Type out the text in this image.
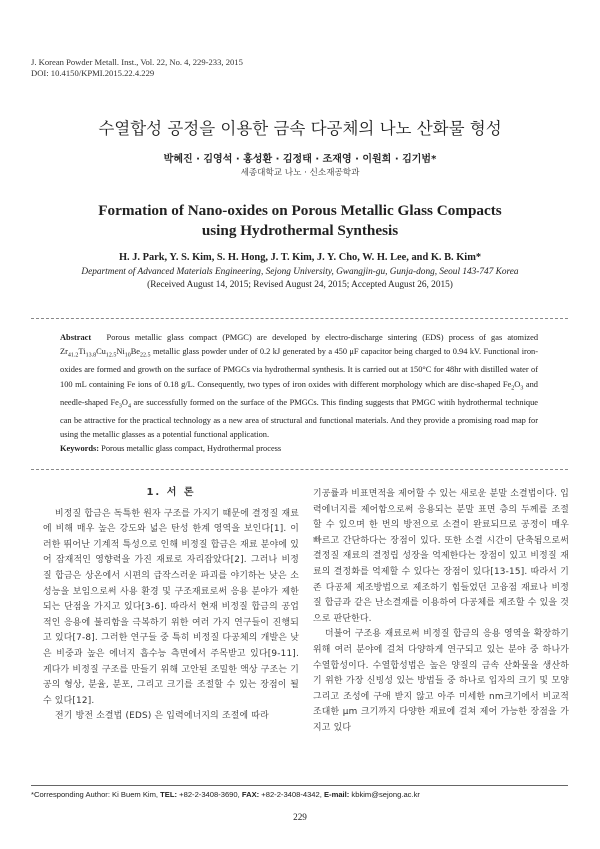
J. Korean Powder Metall. Inst., Vol. 22, No. 4, 229-233, 2015
DOI: 10.4150/KPMI.2015.22.4.229
수열합성 공정을 이용한 금속 다공체의 나노 산화물 형성
박혜진 · 김영석 · 홍성환 · 김정태 · 조재영 · 이원희 · 김기범*
세종대학교 나노 · 신소재공학과
Formation of Nano-oxides on Porous Metallic Glass Compacts
using Hydrothermal Synthesis
H. J. Park, Y. S. Kim, S. H. Hong, J. T. Kim, J. Y. Cho, W. H. Lee, and K. B. Kim*
Department of Advanced Materials Engineering, Sejong University, Gwangjin-gu, Gunja-dong, Seoul 143-747 Korea
(Received August 14, 2015; Revised August 24, 2015; Accepted August 26, 2015)
Abstract Porous metallic glass compact (PMGC) are developed by electro-discharge sintering (EDS) process of gas atomized $Zr_{41.2}Ti_{13.8}Cu_{12.5}Ni_{10}Be_{22.5}$ metallic glass powder under of 0.2 kJ generated by a 450 μF capacitor being charged to 0.94 kV. Functional iron-oxides are formed and growth on the surface of PMGCs via hydrothermal synthesis. It is carried out at 150°C for 48hr with distilled water of 100 mL containing Fe ions of 0.18 g/L. Consequently, two types of iron oxides with different morphology which are disc-shaped $Fe_2O_3$ and needle-shaped $Fe_3O_4$ are successfully formed on the surface of the PMGCs. This finding suggests that PMGC witih hydrothermal technique can be attractive for the practical technology as a new area of structural and functional materials. And they provide a promising road map for using the metallic glasses as a potential functional application.
Keywords: Porous metallic glass compact, Hydrothermal process
1. 서 론

비정질 합금은 독특한 원자 구조를 가지기 때문에 결정질 재료에 비해 매우 높은 강도와 넓은 탄성 한계 영역을 보인다[1]. 이러한 뛰어난 기계적 특성으로 인해 비정질 합금은 재료 분야에 있어 잠재적인 영향력을 가진 재료로 자리잡았다[2]. 그러나 비정질 합금은 상온에서 시편의 급작스러운 파괴를 야기하는 낮은 소성능을 보임으로써 사용 환경 및 구조재료로써 응용 분야가 제한되는 단점을 가지고 있다[3-6]. 따라서 현재 비정질 합금의 공업적인 응용에 불리함을 극복하기 위한 여러 가지 연구들이 진행되고 있다[7-8]. 그러한 연구들 중 특히 비정질 다공체의 개발은 낮은 비중과 높은 에너지 흡수능 측면에서 주목받고 있다[9-11]. 게다가 비정질 구조를 만들기 위해 고안된 조밀한 액상 구조는 기공의 형상, 분율, 분포, 그리고 크기를 조절할 수 있는 장점이 될 수 있다[12].

전기 방전 소결법 (EDS) 은 입력에너지의 조절에 따라

기공률과 비표면적을 제어할 수 있는 새로운 분말 소결법이다. 입력에너지를 제어함으로써 응용되는 분말 표면 층의 두께를 조절할 수 있으며 한 번의 방전으로 소결이 완료되므로 공정이 매우 빠르고 간단하다는 장점이 있다. 또한 소결 시간이 단축됨으로써 결정질 재료의 결정립 성장을 억제한다는 장점이 있고 비정질 재료의 결정화를 억제할 수 있다는 장점이 있다[13-15]. 따라서 기존 다공체 제조방법으로 제조하기 힘들었던 고융점 재료나 비정질 합금과 같은 난소결재를 이용하여 다공체를 제조할 수 있을 것으로 판단한다.

더불어 구조용 재료로써 비정질 합금의 응용 영역을 확장하기 위해 여러 분야에 걸쳐 다양하게 연구되고 있는 분야 중 하나가 수열합성이다. 수열합성법은 높은 양질의 금속 산화물을 생산하기 위한 가장 신빙성 있는 방법들 중 하나로 입자의 크기 및 모양 그리고 조성에 구애 받지 않고 아주 미세한 nm크기에서 비교적 조대한 μm 크기까지 다양한 재료에 걸쳐 제어 가능한 장점을 가지고 있다

*Corresponding Author: Ki Buem Kim, TEL: +82-2-3408-3690, FAX: +82-2-3408-4342, E-mail: kbkim@sejong.ac.kr
229
